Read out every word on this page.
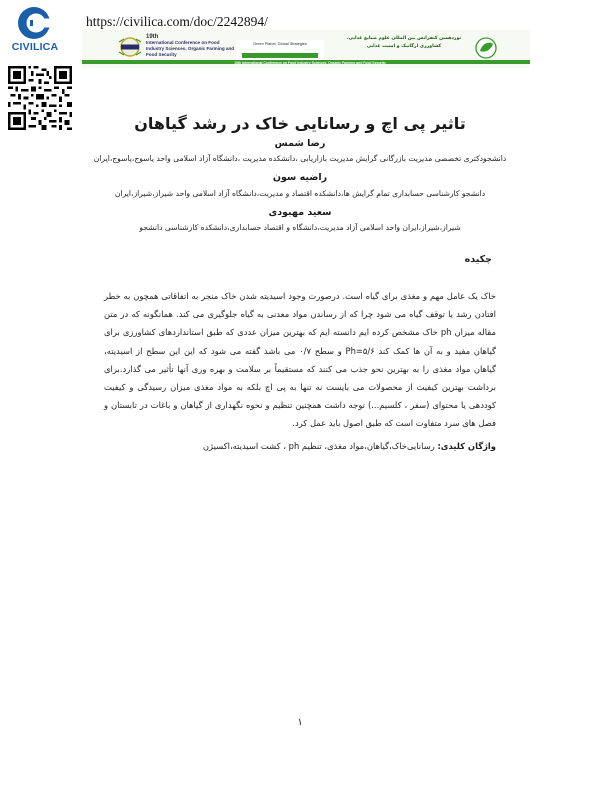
CIVILICA
https://civilica.com/doc/2242894/
19th International Conference on Food Industry Sciences, Organic Farming and Food Security
19th
International Conference on Food Industry Sciences, Organic Farming and Food Security
Green Planet, Global Strategies
www.fooscon.ir
نوزدهمین کنفرانس بین المللی علوم صنایع غذایی، کشاورزی ارگانیک و امنیت غذایی
تاثیر پی اچ و رسانایی خاک در رشد گیاهان
رضا شمس
دانشجودکتری تخصصی مدیریت بازرگانی گرایش مدیریت بازاریابی ،دانشکده مدیریت ،دانشگاه آزاد اسلامی واحد یاسوج،یاسوج،ایران
راضیه سون
دانشجو کارشناسی حسابداری تمام گرایش ها،دانشکده اقتصاد و مدیریت،دانشگاه آزاد اسلامی واحد شیراز،شیراز،ایران
سعید مهبودی
شیراز،شیراز،ایران واحد اسلامی آزاد مدیریت،دانشگاه و اقتصاد حسابداری،دانشکده کارشناسی دانشجو
چکیده
خاک یک عامل مهم و مغذی برای گیاه است. درصورت وجود اسیدیته شدن خاک منجر به اتفاقاتی همچون به خطر افتادن رشد یا توقف گیاه می شود چرا که از رساندن مواد معدنی به گیاه جلوگیری می کند. همانگونه که در متن مقاله میزان ph خاک مشخص کرده ایم دانسته ایم که بهترین میزان عددی که طبق استانداردهای کشاورزی برای گیاهان مفید و به آن ها کمک کند Ph=۵/۶ و سطح ۰/۷ می باشد گفته می شود که این این سطح از اسیدیته، گیاهان مواد مغذی را به بهترین نحو جذب می کنند که مستقیماً بر سلامت و بهره وری آنها تأثیر می گذارد.برای برداشت بهترین کیفیت از محصولات می بایست نه تنها به پی اچ بلکه به مواد مغذی میزان رسیدگی و کیفیت کوددهی یا محتوای (سفر ، کلسیم...) توجه داشت همچنین تنظیم و نحوه نگهداری از گیاهان و باغات در تابستان و فصل های سرد متفاوت است که طبق اصول باید عمل کرد.
واژگان کلیدی: رسانایی‌خاک،گیاهان،مواد مغذی، تنظیم ph ، کشت اسیدیته،اکسیژن
۱
